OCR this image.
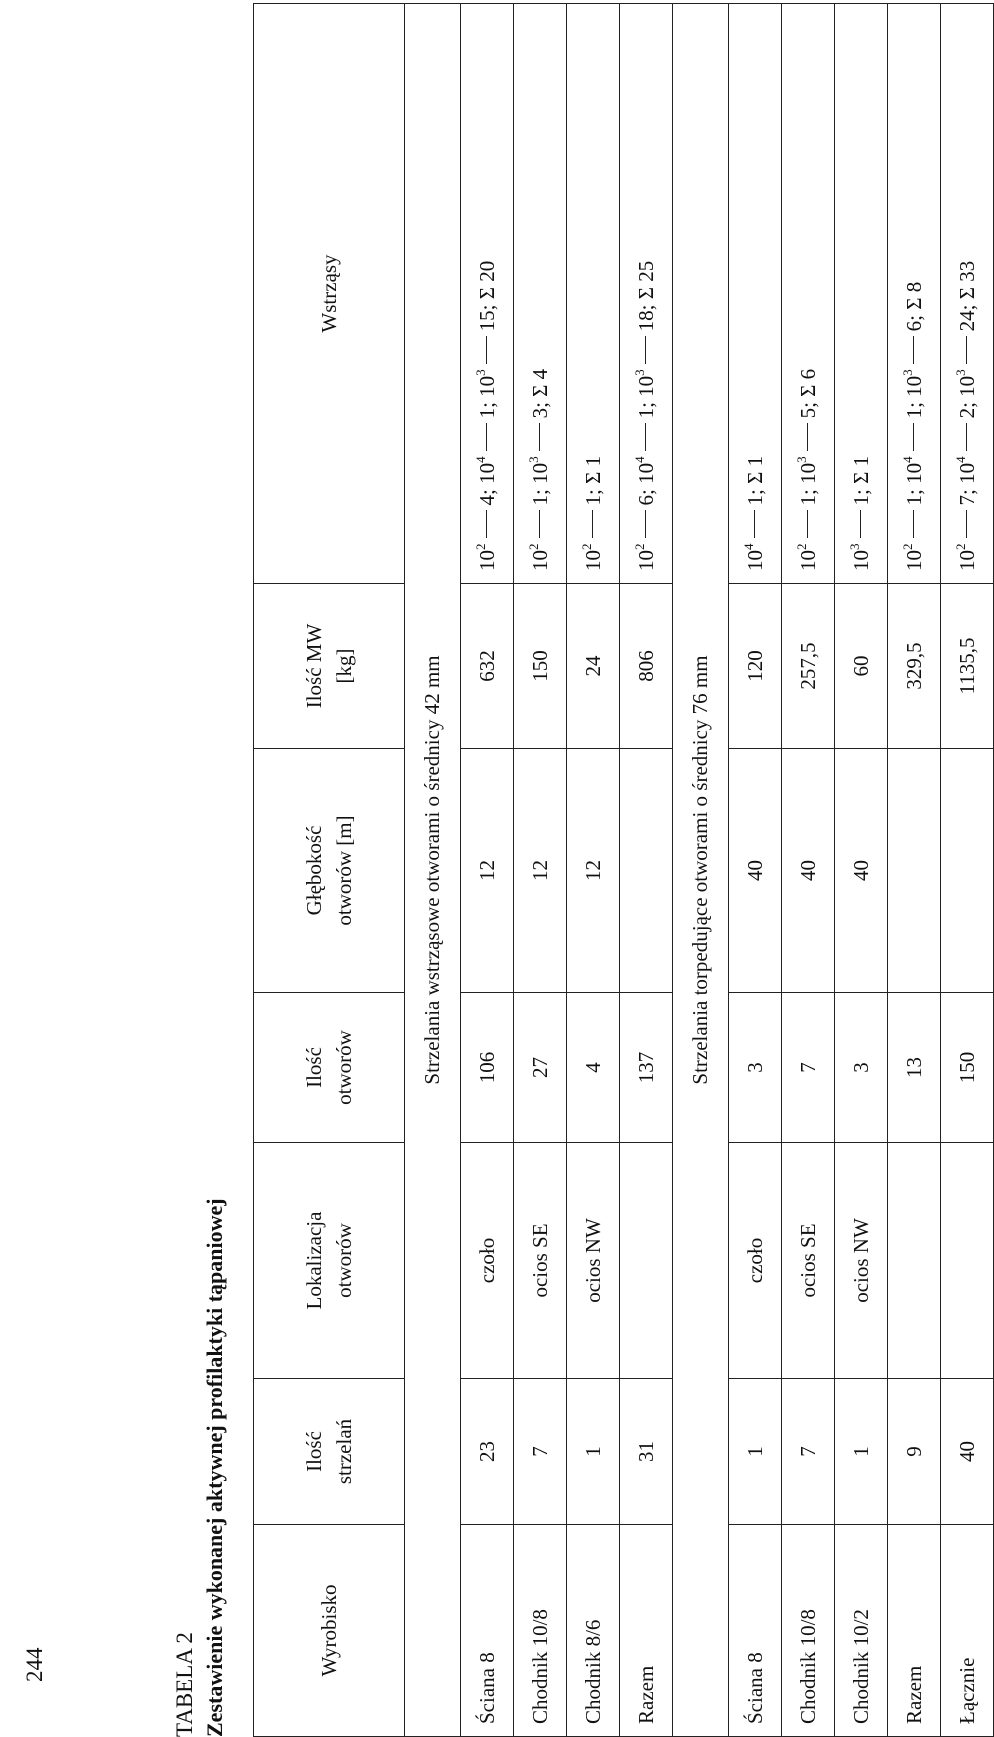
244	TABELA 2 Zestawienie wykonanej aktywnej profilaktyki tąpaniowej	Wyrobisko	Ilość strzelań	Lokalizacja otworów	Ilość otworów	Głębokość otworów [m]	Ilość MW [kg]	Wstrząsy
Strzelania wstrząsowe otworami o średnicy 42 mm						
Ściana 8	23	czoło	106	12	632	$10^24$; $10^41$; $10^315$; Σ 20
Chodnik 10/8	7	ocios SE	27	12	150	$10^21$; $10^33$; Σ 4
Chodnik 8/6	1	ocios NW	4	12	24	$10^21$; Σ 1
Razem	31		137		806	$10^26$; $10^41$; $10^318$; Σ 25
Strzelania torpedujące otworami o średnicy 76 mm						
Ściana 8	1	czoło	3	40	120	$10^41$; Σ 1
Chodnik 10/8	7	ocios SE	7	40	257,5	$10^21$; $10^35$; Σ 6
Chodnik 10/2	1	ocios NW	3	40	60	$10^31$; Σ 1
Razem	9		13		329,5	$10^21$; $10^41$; $10^36$; Σ 8
Łącznie	40		150		1135,5	$10^27$; $10^42$; $10^324$; Σ 33
